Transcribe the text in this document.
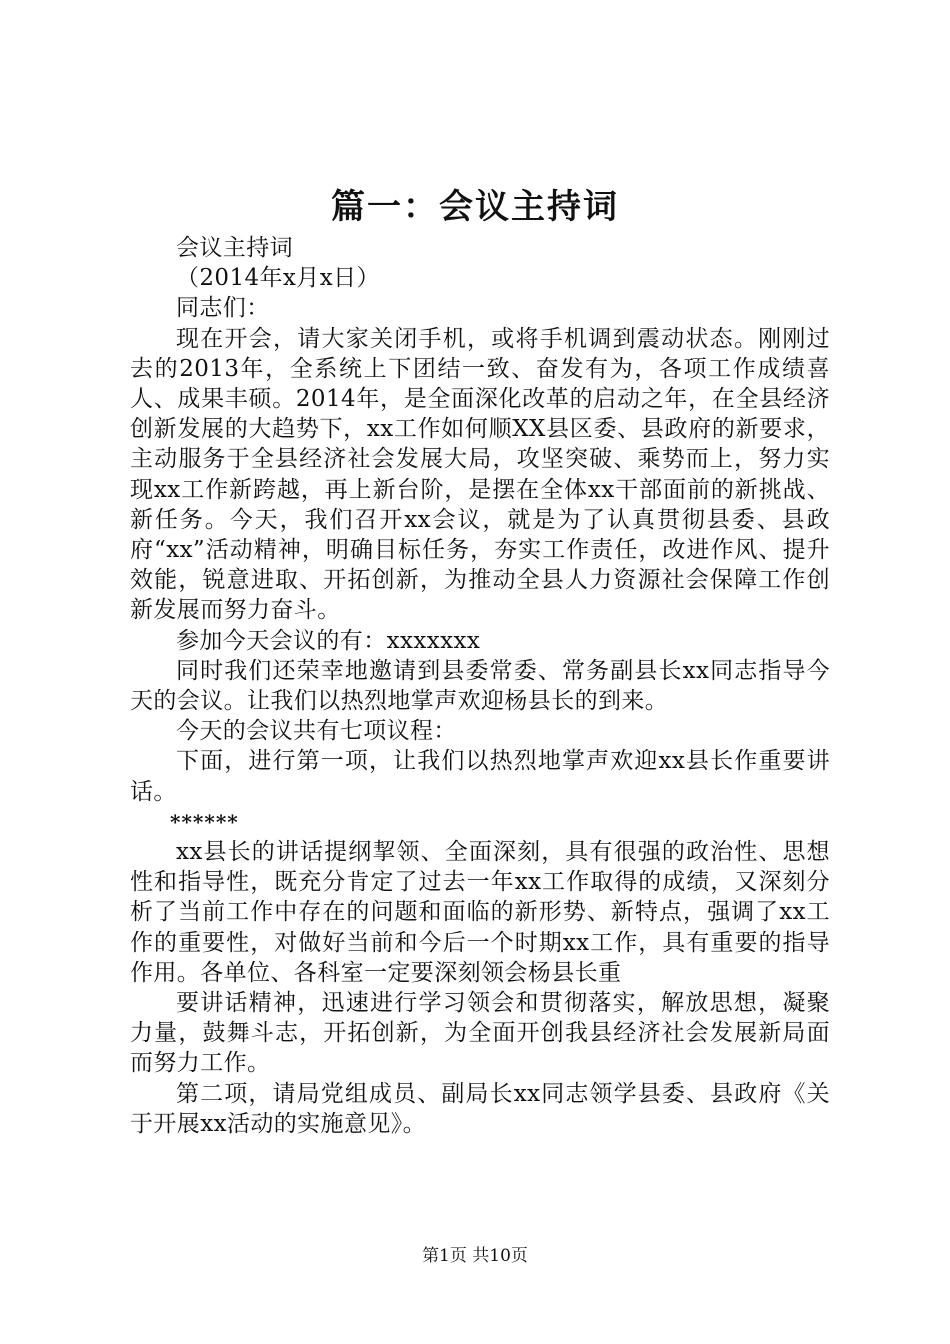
篇一：会议主持词

会议主持词

（2014年x月x日）

同志们：

现在开会，请大家关闭手机，或将手机调到震动状态。刚刚过去的2013年，全系统上下团结一致、奋发有为，各项工作成绩喜人、成果丰硕。2014年，是全面深化改革的启动之年，在全县经济创新发展的大趋势下，xx工作如何顺XX县区委、县政府的新要求，主动服务于全县经济社会发展大局，攻坚突破、乘势而上，努力实现xx工作新跨越，再上新台阶，是摆在全体xx干部面前的新挑战、新任务。今天，我们召开xx会议，就是为了认真贯彻县委、县政府“xx”活动精神，明确目标任务，夯实工作责任，改进作风、提升效能，锐意进取、开拓创新，为推动全县人力资源社会保障工作创新发展而努力奋斗。

参加今天会议的有：xxxxxxx

同时我们还荣幸地邀请到县委常委、常务副县长xx同志指导今天的会议。让我们以热烈地掌声欢迎杨县长的到来。

今天的会议共有七项议程：

下面，进行第一项，让我们以热烈地掌声欢迎xx县长作重要讲话。

******

xx县长的讲话提纲挈领、全面深刻，具有很强的政治性、思想性和指导性，既充分肯定了过去一年xx工作取得的成绩，又深刻分析了当前工作中存在的问题和面临的新形势、新特点，强调了xx工作的重要性，对做好当前和今后一个时期xx工作，具有重要的指导作用。各单位、各科室一定要深刻领会杨县长重

要讲话精神，迅速进行学习领会和贯彻落实，解放思想，凝聚力量，鼓舞斗志，开拓创新，为全面开创我县经济社会发展新局面而努力工作。

第二项，请局党组成员、副局长xx同志领学县委、县政府《关于开展xx活动的实施意见》。

第1页 共10页
